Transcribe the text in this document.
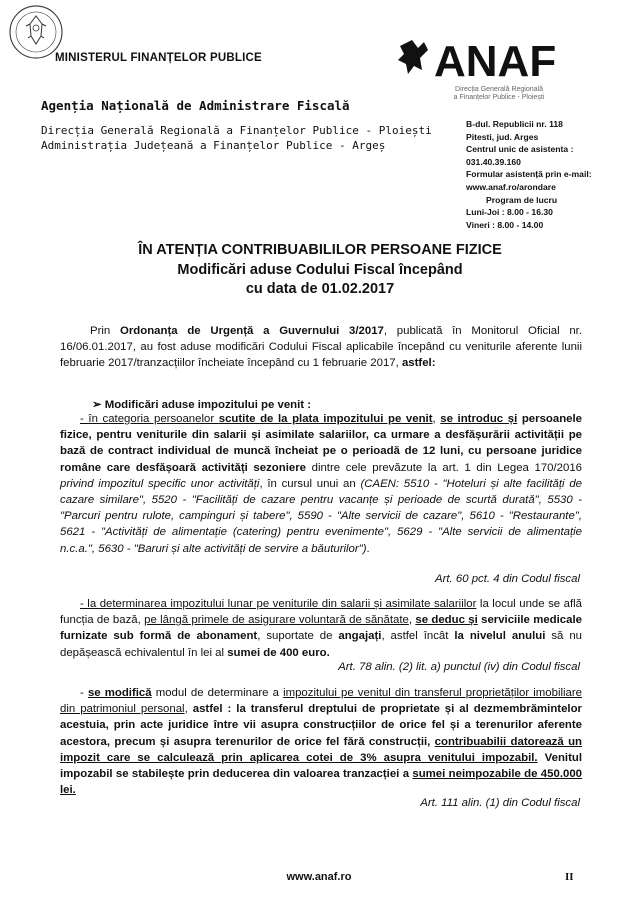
MINISTERUL FINANȚELOR PUBLICE
Agenția Națională de Administrare Fiscală
Direcția Generală Regională a Finanțelor Publice - Ploiești
Administrația Județeană a Finanțelor Publice - Argeș
ANAF
Direcția Generală Regională
a Finanțelor Publice - Ploiești
B-dul. Republicii nr. 118
Pitesti, jud. Arges
Centrul unic de asistenta :
031.40.39.160
Formular asistență prin e-mail:
www.anaf.ro/arondare
Program de lucru
Luni-Joi : 8.00 - 16.30
Vineri : 8.00 - 14.00
ÎN ATENȚIA CONTRIBUABILILOR PERSOANE FIZICE
Modificări aduse Codului Fiscal începând
cu data de 01.02.2017
Prin Ordonanța de Urgență a Guvernului 3/2017, publicată în Monitorul Oficial nr. 16/06.01.2017, au fost aduse modificări Codului Fiscal aplicabile începând cu veniturile aferente lunii februarie 2017/tranzacțiilor încheiate începând cu 1 februarie 2017, astfel:
➢ Modificări aduse impozitului pe venit :
- în categoria persoanelor scutite de la plata impozitului pe venit, se introduc și persoanele fizice, pentru veniturile din salarii și asimilate salariilor, ca urmare a desfășurării activității pe bază de contract individual de muncă încheiat pe o perioadă de 12 luni, cu persoane juridice române care desfășoară activități sezoniere dintre cele prevăzute la art. 1 din Legea 170/2016 privind impozitul specific unor activități, în cursul unui an (CAEN: 5510 - "Hoteluri și alte facilități de cazare similare", 5520 - "Facilități de cazare pentru vacanțe și perioade de scurtă durată", 5530 - "Parcuri pentru rulote, campinguri și tabere", 5590 - "Alte servicii de cazare", 5610 - "Restaurante", 5621 - "Activități de alimentație (catering) pentru evenimente", 5629 - "Alte servicii de alimentație n.c.a.", 5630 - "Baruri și alte activități de servire a băuturilor").
Art. 60 pct. 4 din Codul fiscal
- la determinarea impozitului lunar pe veniturile din salarii și asimilate salariilor la locul unde se află funcția de bază, pe lângă primele de asigurare voluntară de sănătate, se deduc și serviciile medicale furnizate sub formă de abonament, suportate de angajați, astfel încât la nivelul anului să nu depășească echivalentul în lei al sumei de 400 euro.
Art. 78 alin. (2) lit. a) punctul (iv) din Codul fiscal
- se modifică modul de determinare a impozitului pe venitul din transferul proprietăților imobiliare din patrimoniul personal, astfel : la transferul dreptului de proprietate și al dezmembrămintelor acestuia, prin acte juridice între vii asupra construcțiilor de orice fel și a terenurilor aferente acestora, precum și asupra terenurilor de orice fel fără construcții, contribuabilii datorează un impozit care se calculează prin aplicarea cotei de 3% asupra venitului impozabil. Venitul impozabil se stabilește prin deducerea din valoarea tranzacției a sumei neimpozabile de 450.000 lei.
Art. 111 alin. (1) din Codul fiscal
www.anaf.ro	II
